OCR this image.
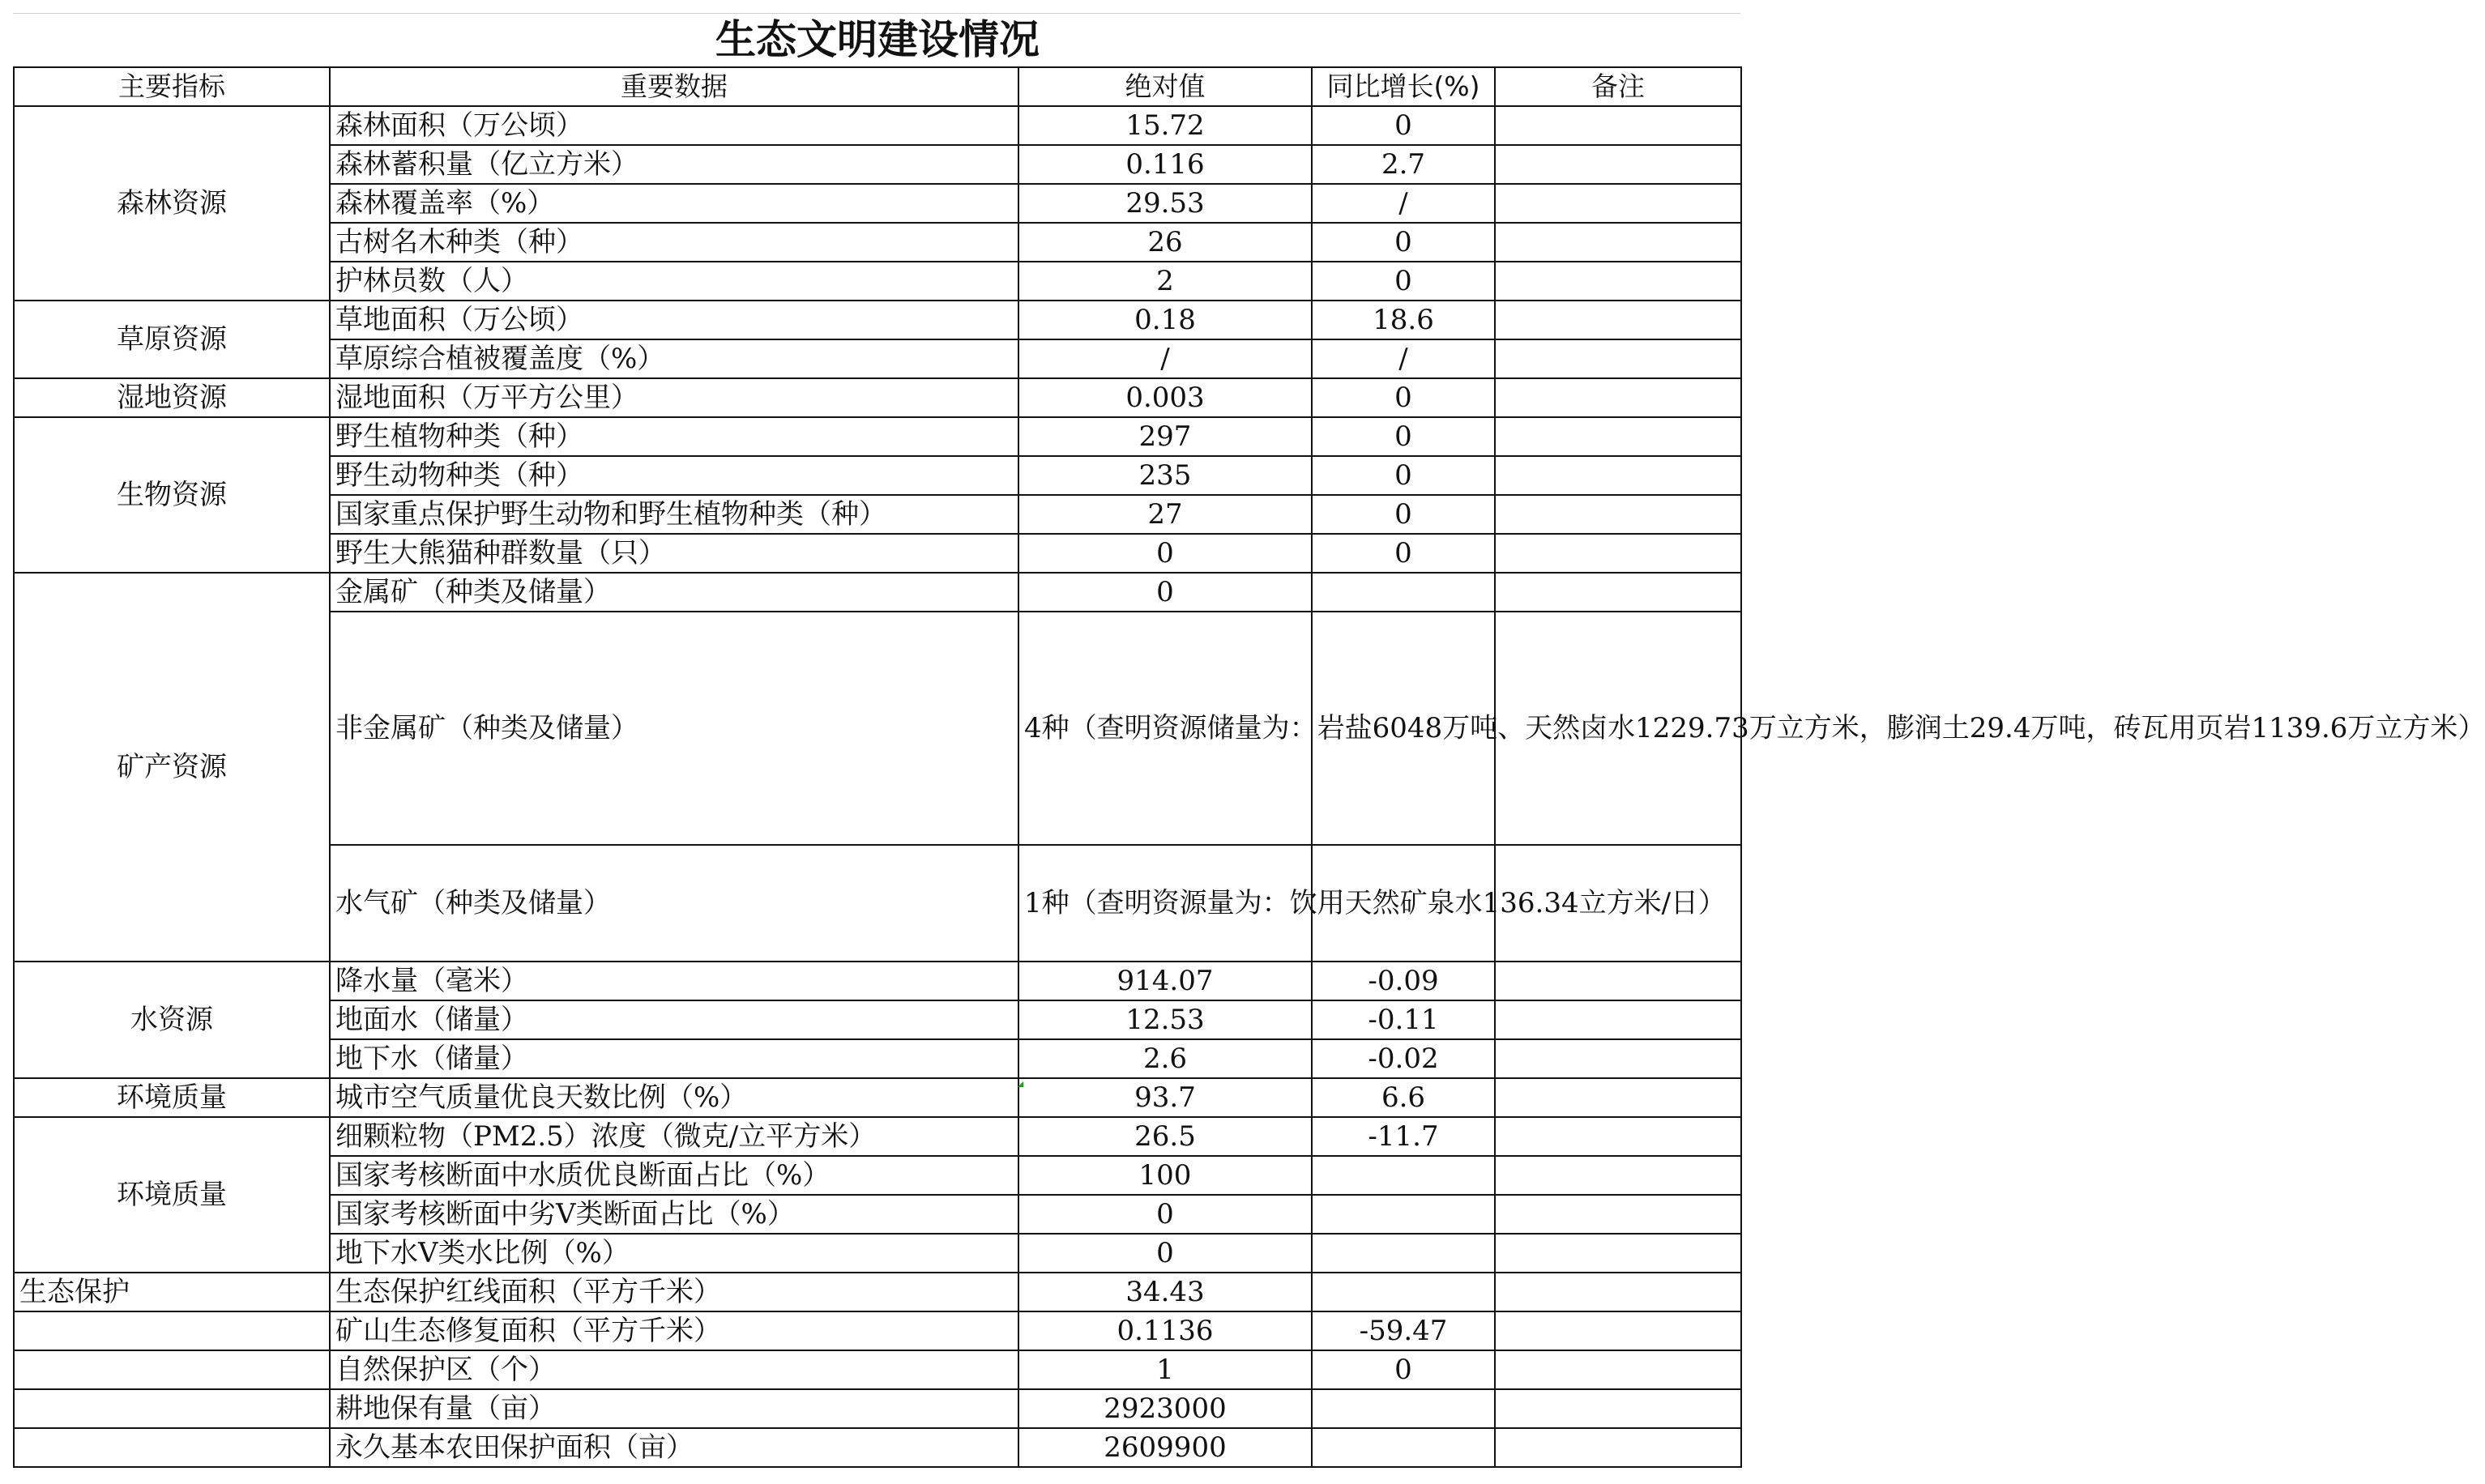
生态文明建设情况				
主要指标	重要数据	绝对值	同比增长(%)	备注
森林资源	森林面积（万公顷）	15.72	0	
	森林蓄积量（亿立方米）	0.116	2.7	
	森林覆盖率（%）	29.53	/	
	古树名木种类（种）	26	0	
	护林员数（人）	2	0	
草原资源	草地面积（万公顷）	0.18	18.6	
	草原综合植被覆盖度（%）	/	/	
湿地资源	湿地面积（万平方公里）	0.003	0	
生物资源	野生植物种类（种）	297	0	
	野生动物种类（种）	235	0	
	国家重点保护野生动物和野生植物种类（种）	27	0	
	野生大熊猫种群数量（只）	0	0	
矿产资源	金属矿（种类及储量）	0		
	非金属矿（种类及储量）	4种（查明资源储量为：岩盐6048万吨、天然卤水1229.73万立方米，膨润土29.4万吨，砖瓦用页岩1139.6万立方米）		
	水气矿（种类及储量）	1种（查明资源量为：饮用天然矿泉水136.34立方米/日）		
水资源	降水量（毫米）	914.07	-0.09	
	地面水（储量）	12.53	-0.11	
	地下水（储量）	2.6	-0.02	
环境质量	城市空气质量优良天数比例（%）	93.7	6.6	
环境质量	细颗粒物（PM2.5）浓度（微克/立平方米）	26.5	-11.7	
	国家考核断面中水质优良断面占比（%）	100		
	国家考核断面中劣V类断面占比（%）	0		
	地下水V类水比例（%）	0		
生态保护	生态保护红线面积（平方千米）	34.43		
	矿山生态修复面积（平方千米）	0.1136	-59.47	
	自然保护区（个）	1	0	
	耕地保有量（亩）	2923000		
	永久基本农田保护面积（亩）	2609900		
